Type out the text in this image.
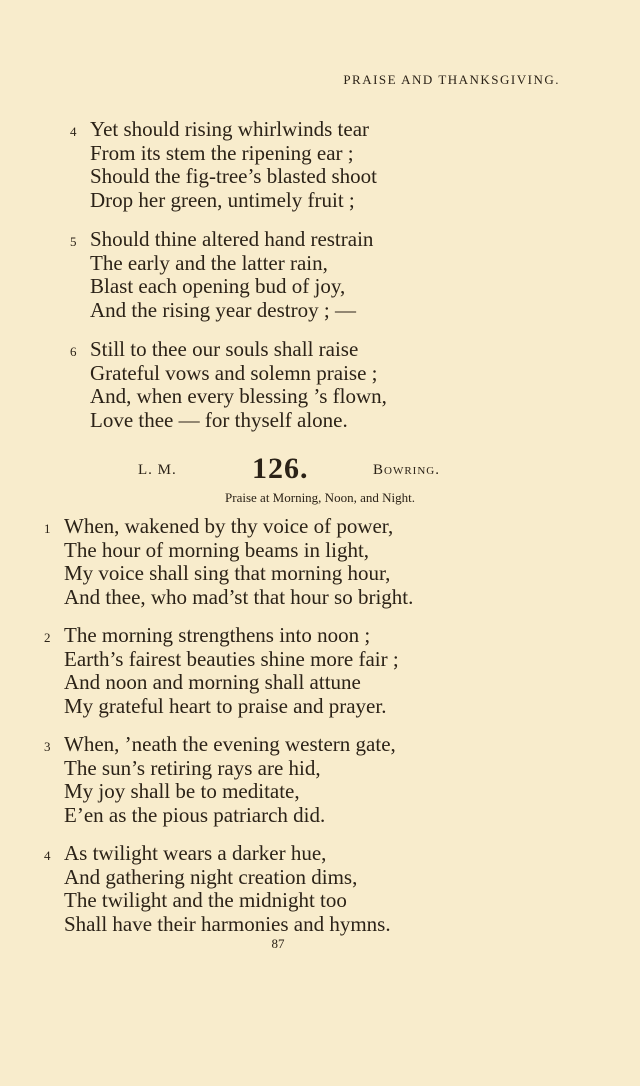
PRAISE AND THANKSGIVING.
4 Yet should rising whirlwinds tear
From its stem the ripening ear ;
Should the fig-tree’s blasted shoot
Drop her green, untimely fruit ;
5 Should thine altered hand restrain
The early and the latter rain,
Blast each opening bud of joy,
And the rising year destroy ; —
6 Still to thee our souls shall raise
Grateful vows and solemn praise ;
And, when every blessing ’s flown,
Love thee — for thyself alone.
L. M.	126.	Bowring.
Praise at Morning, Noon, and Night.
1 When, wakened by thy voice of power,
The hour of morning beams in light,
My voice shall sing that morning hour,
And thee, who mad’st that hour so bright.
2 The morning strengthens into noon ;
Earth’s fairest beauties shine more fair ;
And noon and morning shall attune
My grateful heart to praise and prayer.
3 When, ’neath the evening western gate,
The sun’s retiring rays are hid,
My joy shall be to meditate,
E’en as the pious patriarch did.
4 As twilight wears a darker hue,
And gathering night creation dims,
The twilight and the midnight too
Shall have their harmonies and hymns.
87
